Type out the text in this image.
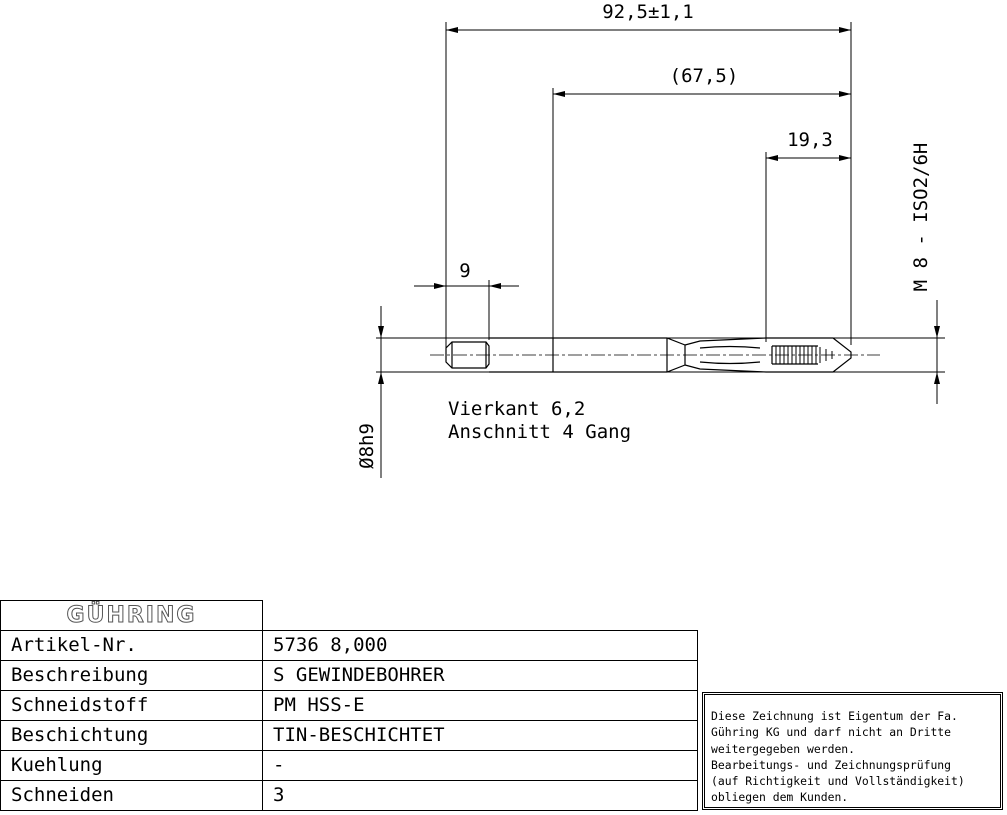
92,5±1,1
(67,5)
19,3
9	M 8 - ISO2/6H
Ø8h9
Vierkant 6,2
Anschnitt 4 Gang
GÜHRING	

Artikel-Nr.	5736 8,000
Beschreibung	S GEWINDEBOHRER
Schneidstoff	PM HSS-E
Beschichtung	TIN-BESCHICHTET
Kuehlung	-
Schneiden	3
Diese Zeichnung ist Eigentum der Fa.
Gühring KG und darf nicht an Dritte
weitergegeben werden.
Bearbeitungs- und Zeichnungsprüfung
(auf Richtigkeit und Vollständigkeit)
obliegen dem Kunden.
